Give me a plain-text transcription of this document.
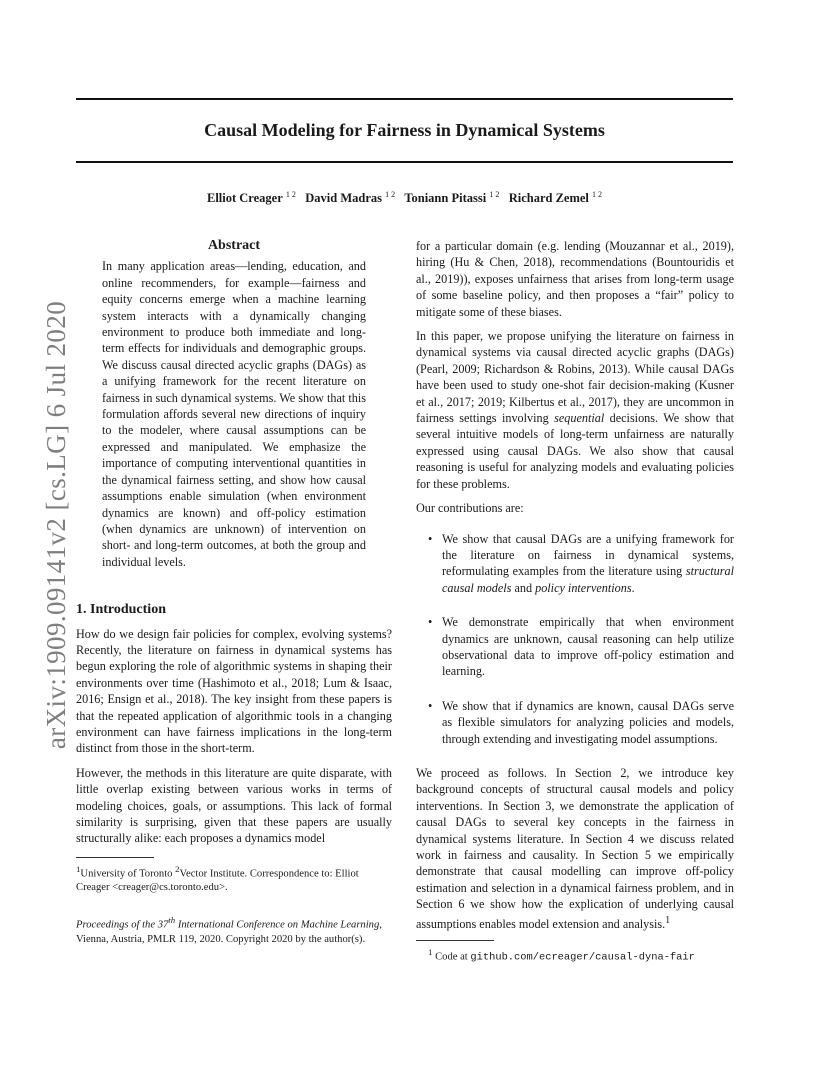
arXiv:1909.09141v2 [cs.LG] 6 Jul 2020
Causal Modeling for Fairness in Dynamical Systems
Elliot Creager $^{1 2}$ David Madras $^{1 2}$ Toniann Pitassi $^{1 2}$ Richard Zemel $^{1 2}$
Abstract

In many application areas—lending, education, and online recommenders, for example—fairness and equity concerns emerge when a machine learning system interacts with a dynamically changing environment to produce both immediate and long-term effects for individuals and demographic groups. We discuss causal directed acyclic graphs (DAGs) as a unifying framework for the recent literature on fairness in such dynamical systems. We show that this formulation affords several new directions of inquiry to the modeler, where causal assumptions can be expressed and manipulated. We emphasize the importance of computing interventional quantities in the dynamical fairness setting, and show how causal assumptions enable simulation (when environment dynamics are known) and off-policy estimation (when dynamics are unknown) of intervention on short- and long-term outcomes, at both the group and individual levels.

1. Introduction

How do we design fair policies for complex, evolving systems? Recently, the literature on fairness in dynamical systems has begun exploring the role of algorithmic systems in shaping their environments over time (Hashimoto et al., 2018; Lum & Isaac, 2016; Ensign et al., 2018). The key insight from these papers is that the repeated application of algorithmic tools in a changing environment can have fairness implications in the long-term distinct from those in the short-term.

However, the methods in this literature are quite disparate, with little overlap existing between various works in terms of modeling choices, goals, or assumptions. This lack of formal similarity is surprising, given that these papers are usually structurally alike: each proposes a dynamics model

$^1$University of Toronto $^2$Vector Institute. Correspondence to: Elliot Creager <creager@cs.toronto.edu>.

Proceedings of the 37th International Conference on Machine Learning, Vienna, Austria, PMLR 119, 2020. Copyright 2020 by the author(s).

for a particular domain (e.g. lending (Mouzannar et al., 2019), hiring (Hu & Chen, 2018), recommendations (Bountouridis et al., 2019)), exposes unfairness that arises from long-term usage of some baseline policy, and then proposes a “fair” policy to mitigate some of these biases.

In this paper, we propose unifying the literature on fairness in dynamical systems via causal directed acyclic graphs (DAGs) (Pearl, 2009; Richardson & Robins, 2013). While causal DAGs have been used to study one-shot fair decision-making (Kusner et al., 2017; 2019; Kilbertus et al., 2017), they are uncommon in fairness settings involving sequential decisions. We show that several intuitive models of long-term unfairness are naturally expressed using causal DAGs. We also show that causal reasoning is useful for analyzing models and evaluating policies for these problems.

Our contributions are:

• We show that causal DAGs are a unifying framework for the literature on fairness in dynamical systems, reformulating examples from the literature using structural causal models and policy interventions.
• We demonstrate empirically that when environment dynamics are unknown, causal reasoning can help utilize observational data to improve off-policy estimation and learning.
• We show that if dynamics are known, causal DAGs serve as flexible simulators for analyzing policies and models, through extending and investigating model assumptions.

We proceed as follows. In Section 2, we introduce key background concepts of structural causal models and policy interventions. In Section 3, we demonstrate the application of causal DAGs to several key concepts in the fairness in dynamical systems literature. In Section 4 we discuss related work in fairness and causality. In Section 5 we empirically demonstrate that causal modelling can improve off-policy estimation and selection in a dynamical fairness problem, and in Section 6 we show how the explication of underlying causal assumptions enables model extension and analysis.$^1$

$^1$ Code at github.com/ecreager/causal-dyna-fair
